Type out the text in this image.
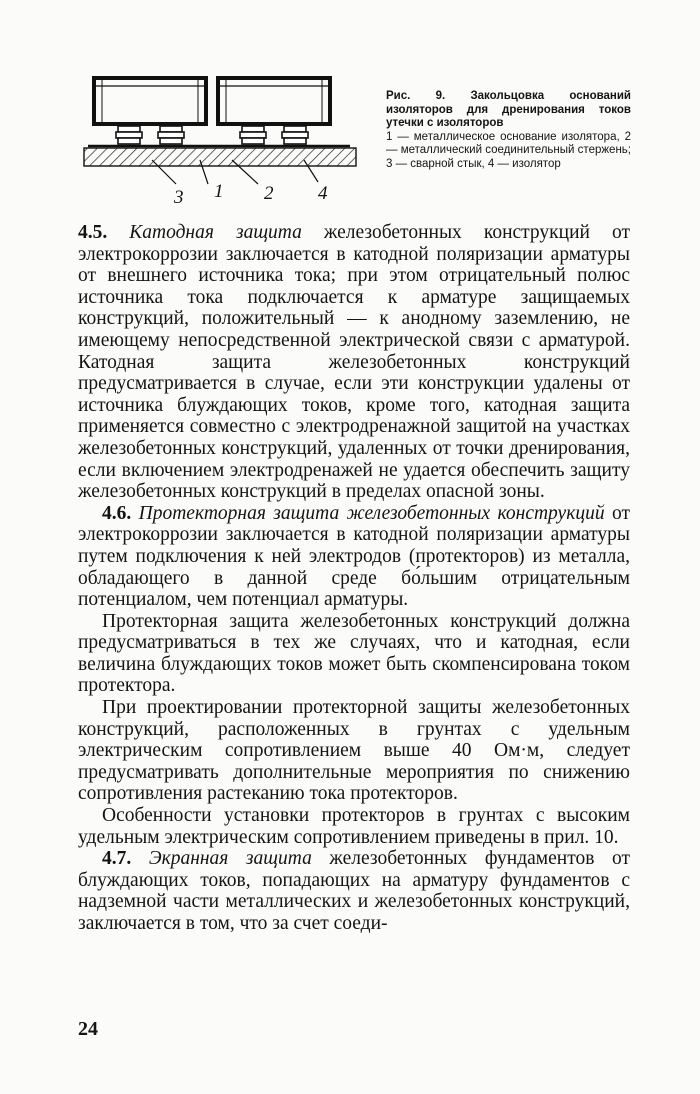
3 1 2 4
Рис. 9. Закольцовка оснований изоляторов для дренирования токов утечки с изоляторов
1 — металлическое основание изолятора, 2 — металлический соединительный стержень; 3 — сварной стык, 4 — изолятор

4.5. Катодная защита железобетонных конструкций от электрокоррозии заключается в катодной поляризации арматуры от внешнего источника тока; при этом отрицательный полюс источника тока подключается к арматуре защищаемых конструкций, положительный — к анодному заземлению, не имеющему непосредственной электрической связи с арматурой. Катодная защита железобетонных конструкций предусматривается в случае, если эти конструкции удалены от источника блуждающих токов, кроме того, катодная защита применяется совместно с электродренажной защитой на участках железобетонных конструкций, удаленных от точки дренирования, если включением электродренажей не удается обеспечить защиту железобетонных конструкций в пределах опасной зоны.

4.6. Протекторная защита железобетонных конструкций от электрокоррозии заключается в катодной поляризации арматуры путем подключения к ней электродов (протекторов) из металла, обладающего в данной среде бо́льшим отрицательным потенциалом, чем потенциал арматуры.

Протекторная защита железобетонных конструкций должна предусматриваться в тех же случаях, что и катодная, если величина блуждающих токов может быть скомпенсирована током протектора.

При проектировании протекторной защиты железобетонных конструкций, расположенных в грунтах с удельным электрическим сопротивлением выше 40 Ом·м, следует предусматривать дополнительные мероприятия по снижению сопротивления растеканию тока протекторов.

Особенности установки протекторов в грунтах с высоким удельным электрическим сопротивлением приведены в прил. 10.

4.7. Экранная защита железобетонных фундаментов от блуждающих токов, попадающих на арматуру фундаментов с надземной части металлических и железобетонных конструкций, заключается в том, что за счет соеди-

24
